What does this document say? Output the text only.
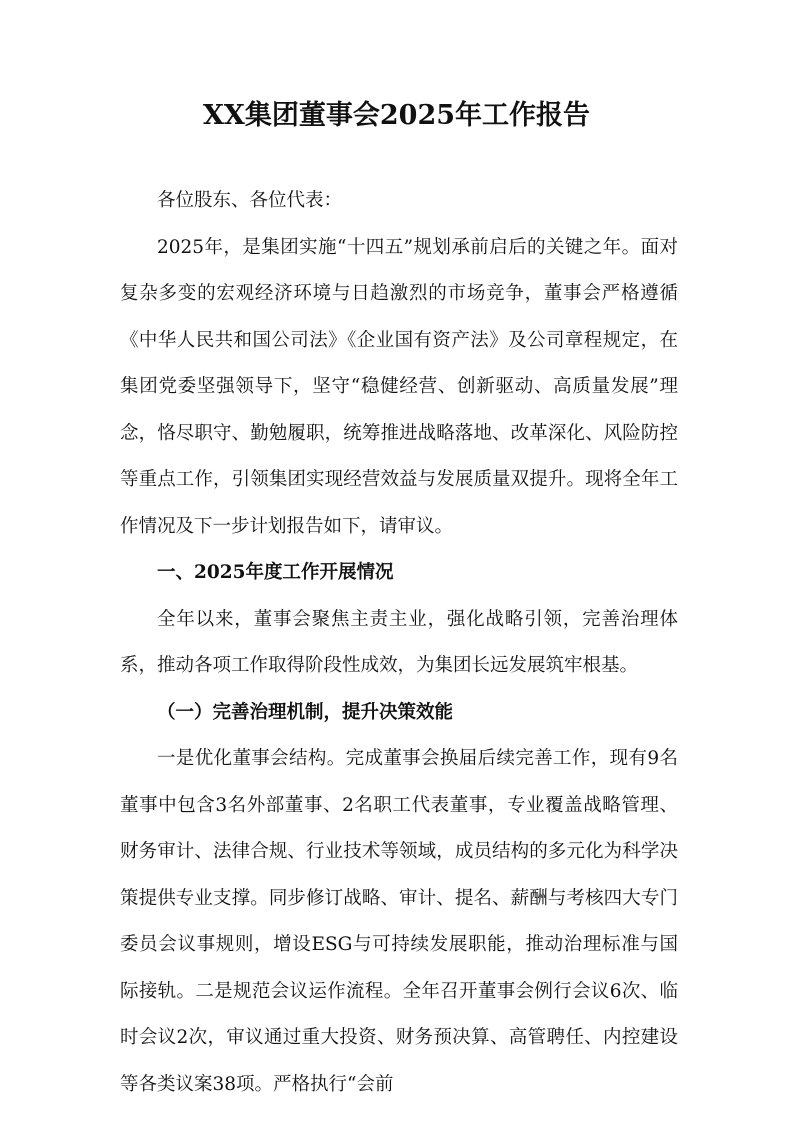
XX集团董事会2025年工作报告

各位股东、各位代表：

2025年，是集团实施“十四五”规划承前启后的关键之年。面对复杂多变的宏观经济环境与日趋激烈的市场竞争，董事会严格遵循《中华人民共和国公司法》《企业国有资产法》及公司章程规定，在集团党委坚强领导下，坚守“稳健经营、创新驱动、高质量发展”理念，恪尽职守、勤勉履职，统筹推进战略落地、改革深化、风险防控等重点工作，引领集团实现经营效益与发展质量双提升。现将全年工作情况及下一步计划报告如下，请审议。

一、2025年度工作开展情况

全年以来，董事会聚焦主责主业，强化战略引领，完善治理体系，推动各项工作取得阶段性成效，为集团长远发展筑牢根基。

（一）完善治理机制，提升决策效能

一是优化董事会结构。完成董事会换届后续完善工作，现有9名董事中包含3名外部董事、2名职工代表董事，专业覆盖战略管理、财务审计、法律合规、行业技术等领域，成员结构的多元化为科学决策提供专业支撑。同步修订战略、审计、提名、薪酬与考核四大专门委员会议事规则，增设ESG与可持续发展职能，推动治理标准与国际接轨。二是规范会议运作流程。全年召开董事会例行会议6次、临时会议2次，审议通过重大投资、财务预决算、高管聘任、内控建设等各类议案38项。严格执行“会前
